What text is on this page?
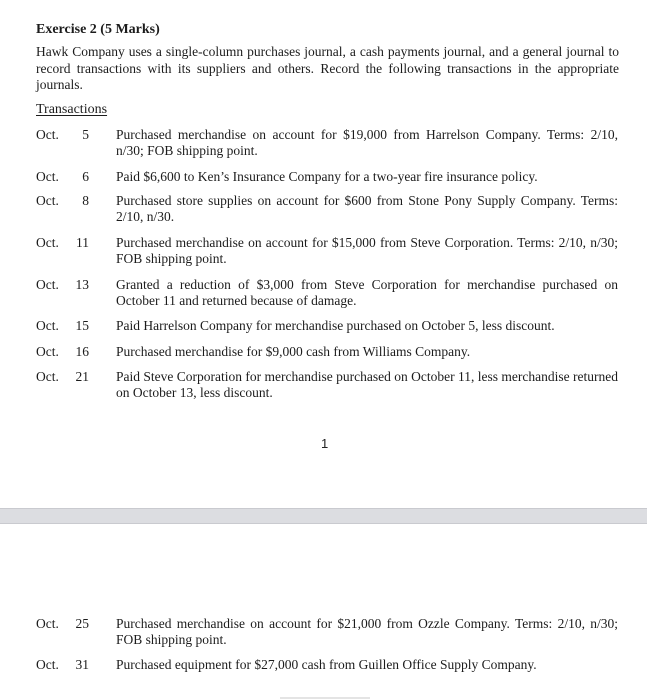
Exercise 2 (5 Marks)
Hawk Company uses a single-column purchases journal, a cash payments journal, and a general journal to record transactions with its suppliers and others. Record the following transactions in the appropriate journals.
Transactions
Oct.	5 Purchased merchandise on account for $19,000 from Harrelson Company. Terms: 2/10, n/30; FOB shipping point.
Oct.	6 Paid $6,600 to Ken’s Insurance Company for a two-year fire insurance policy.
Oct.	8 Purchased store supplies on account for $600 from Stone Pony Supply Company. Terms: 2/10, n/30.
Oct.	11 Purchased merchandise on account for $15,000 from Steve Corporation. Terms: 2/10, n/30; FOB shipping point.
Oct.	13 Granted a reduction of $3,000 from Steve Corporation for merchandise purchased on October 11 and returned because of damage.
Oct.	15 Paid Harrelson Company for merchandise purchased on October 5, less discount.
Oct.	16 Purchased merchandise for $9,000 cash from Williams Company.
Oct.	21 Paid Steve Corporation for merchandise purchased on October 11, less merchandise returned on October 13, less discount.
1
Oct.	25 Purchased merchandise on account for $21,000 from Ozzle Company. Terms: 2/10, n/30; FOB shipping point.
Oct.	31 Purchased equipment for $27,000 cash from Guillen Office Supply Company.
